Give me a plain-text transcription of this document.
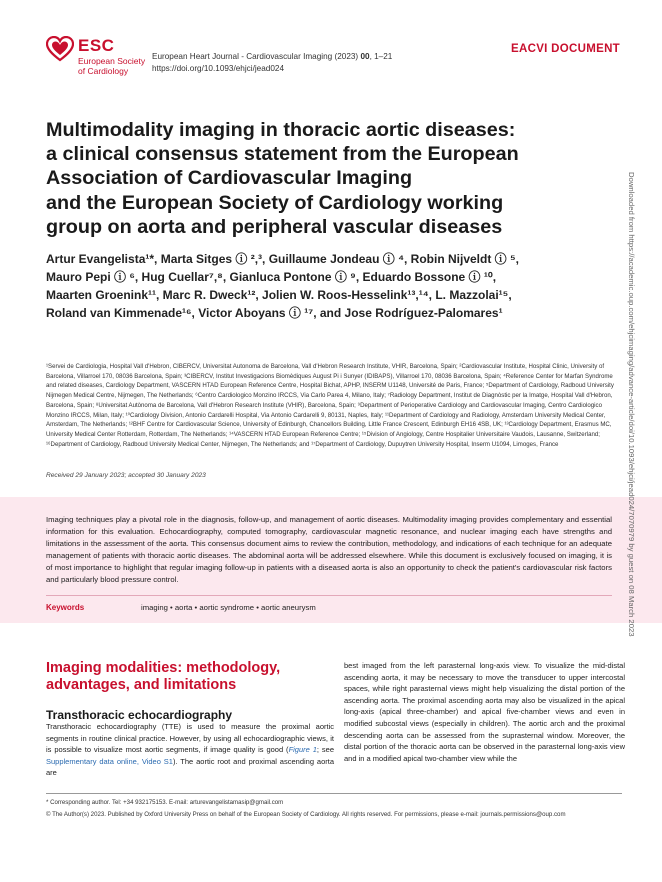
ESC
European Society of Cardiology
European Heart Journal - Cardiovascular Imaging (2023) 00, 1–21
https://doi.org/10.1093/ehjci/jead024
EACVI DOCUMENT
Multimodality imaging in thoracic aortic diseases:
a clinical consensus statement from the European
Association of Cardiovascular Imaging
and the European Society of Cardiology working
group on aorta and peripheral vascular diseases
Artur Evangelista¹*, Marta Sitges ⓘ ²,³, Guillaume Jondeau ⓘ ⁴, Robin Nijveldt ⓘ ⁵,
Mauro Pepi ⓘ ⁶, Hug Cuellar⁷,⁸, Gianluca Pontone ⓘ ⁹, Eduardo Bossone ⓘ ¹⁰,
Maarten Groenink¹¹, Marc R. Dweck¹², Jolien W. Roos-Hesselink¹³,¹⁴, L. Mazzolai¹⁵,
Roland van Kimmenade¹⁶, Victor Aboyans ⓘ ¹⁷, and Jose Rodríguez-Palomares¹
¹Servei de Cardiologia, Hospital Vall d'Hebron, CIBERCV, Universitat Autonoma de Barcelona, Vall d'Hebron Research Institute, VHIR, Barcelona, Spain; ²Cardiovascular Institute, Hospital Clinic, University of Barcelona, Villarroel 170, 08036 Barcelona, Spain; ³CIBERCV, Institut Investigacions Biomèdiques August Pi i Sunyer (IDIBAPS), Villarroel 170, 08036 Barcelona, Spain; ⁴Reference Center for Marfan Syndrome and related diseases, Cardiology Department, VASCERN HTAD European Reference Centre, Hospital Bichat, APHP, INSERM U1148, Université de Paris, France; ⁵Department of Cardiology, Radboud University Nijmegen Medical Centre, Nijmegen, The Netherlands; ⁶Centro Cardiologico Monzino IRCCS, Via Carlo Parea 4, Milano, Italy; ⁷Radiology Department, Institut de Diagnòstic per la Imatge, Hospital Vall d'Hebron, Barcelona, Spain; ⁸Universitat Autònoma de Barcelona, Vall d'Hebron Research Institute (VHIR), Barcelona, Spain; ⁹Department of Perioperative Cardiology and Cardiovascular Imaging, Centro Cardiologico Monzino IRCCS, Milan, Italy; ¹⁰Cardiology Division, Antonio Cardarelli Hospital, Via Antonio Cardarelli 9, 80131, Naples, Italy; ¹¹Department of Cardiology and Radiology, Amsterdam University Medical Center, Amsterdam, The Netherlands; ¹²BHF Centre for Cardiovascular Science, University of Edinburgh, Chancellors Building, Little France Crescent, Edinburgh EH16 4SB, UK; ¹³Cardiology Department, Erasmus MC, University Medical Center Rotterdam, Rotterdam, The Netherlands; ¹⁴VASCERN HTAD European Reference Centre; ¹⁵Division of Angiology, Centre Hospitalier Universitaire Vaudois, Lausanne, Switzerland; ¹⁶Department of Cardiology, Radboud University Medical Center, Nijmegen, The Netherlands; and ¹⁷Department of Cardiology, Dupuytren University Hospital, Inserm U1094, Limoges, France
Received 29 January 2023; accepted 30 January 2023
Imaging techniques play a pivotal role in the diagnosis, follow-up, and management of aortic diseases. Multimodality imaging provides complementary and essential information for this evaluation. Echocardiography, computed tomography, cardiovascular magnetic resonance, and nuclear imaging each have strengths and limitations in the assessment of the aorta. This consensus document aims to review the contribution, methodology, and indications of each technique for an adequate management of patients with thoracic aortic diseases. The abdominal aorta will be addressed elsewhere. While this document is exclusively focused on imaging, it is of most importance to highlight that regular imaging follow-up in patients with a diseased aorta is also an opportunity to check the patient's cardiovascular risk factors and particularly blood pressure control.
Keywords	imaging • aorta • aortic syndrome • aortic aneurysm
Imaging modalities: methodology, advantages, and limitations
Transthoracic echocardiography
Transthoracic echocardiography (TTE) is used to measure the proximal aortic segments in routine clinical practice. However, by using all echocardiographic views, it is possible to visualize most aortic segments, if image quality is good (Figure 1; see Supplementary data online, Video S1). The aortic root and proximal ascending aorta are
best imaged from the left parasternal long-axis view. To visualize the mid-distal ascending aorta, it may be necessary to move the transducer to upper intercostal spaces, while right parasternal views might help visualizing the distal portion of the ascending aorta. The proximal ascending aorta may also be visualized in the apical long-axis (apical three-chamber) and apical five-chamber views and even in modified subcostal views (especially in children). The aortic arch and the proximal descending aorta can be assessed from the suprasternal window. Moreover, the distal portion of the thoracic aorta can be observed in the parasternal long-axis view and in a modified apical two-chamber view while the
* Corresponding author. Tel: +34 932175153. E-mail: arturevangelistamasip@gmail.com
© The Author(s) 2023. Published by Oxford University Press on behalf of the European Society of Cardiology. All rights reserved. For permissions, please e-mail: journals.permissions@oup.com
Downloaded from https://academic.oup.com/ehjcimaging/advance-article/doi/10.1093/ehjci/jead024/7070979 by guest on 08 March 2023
